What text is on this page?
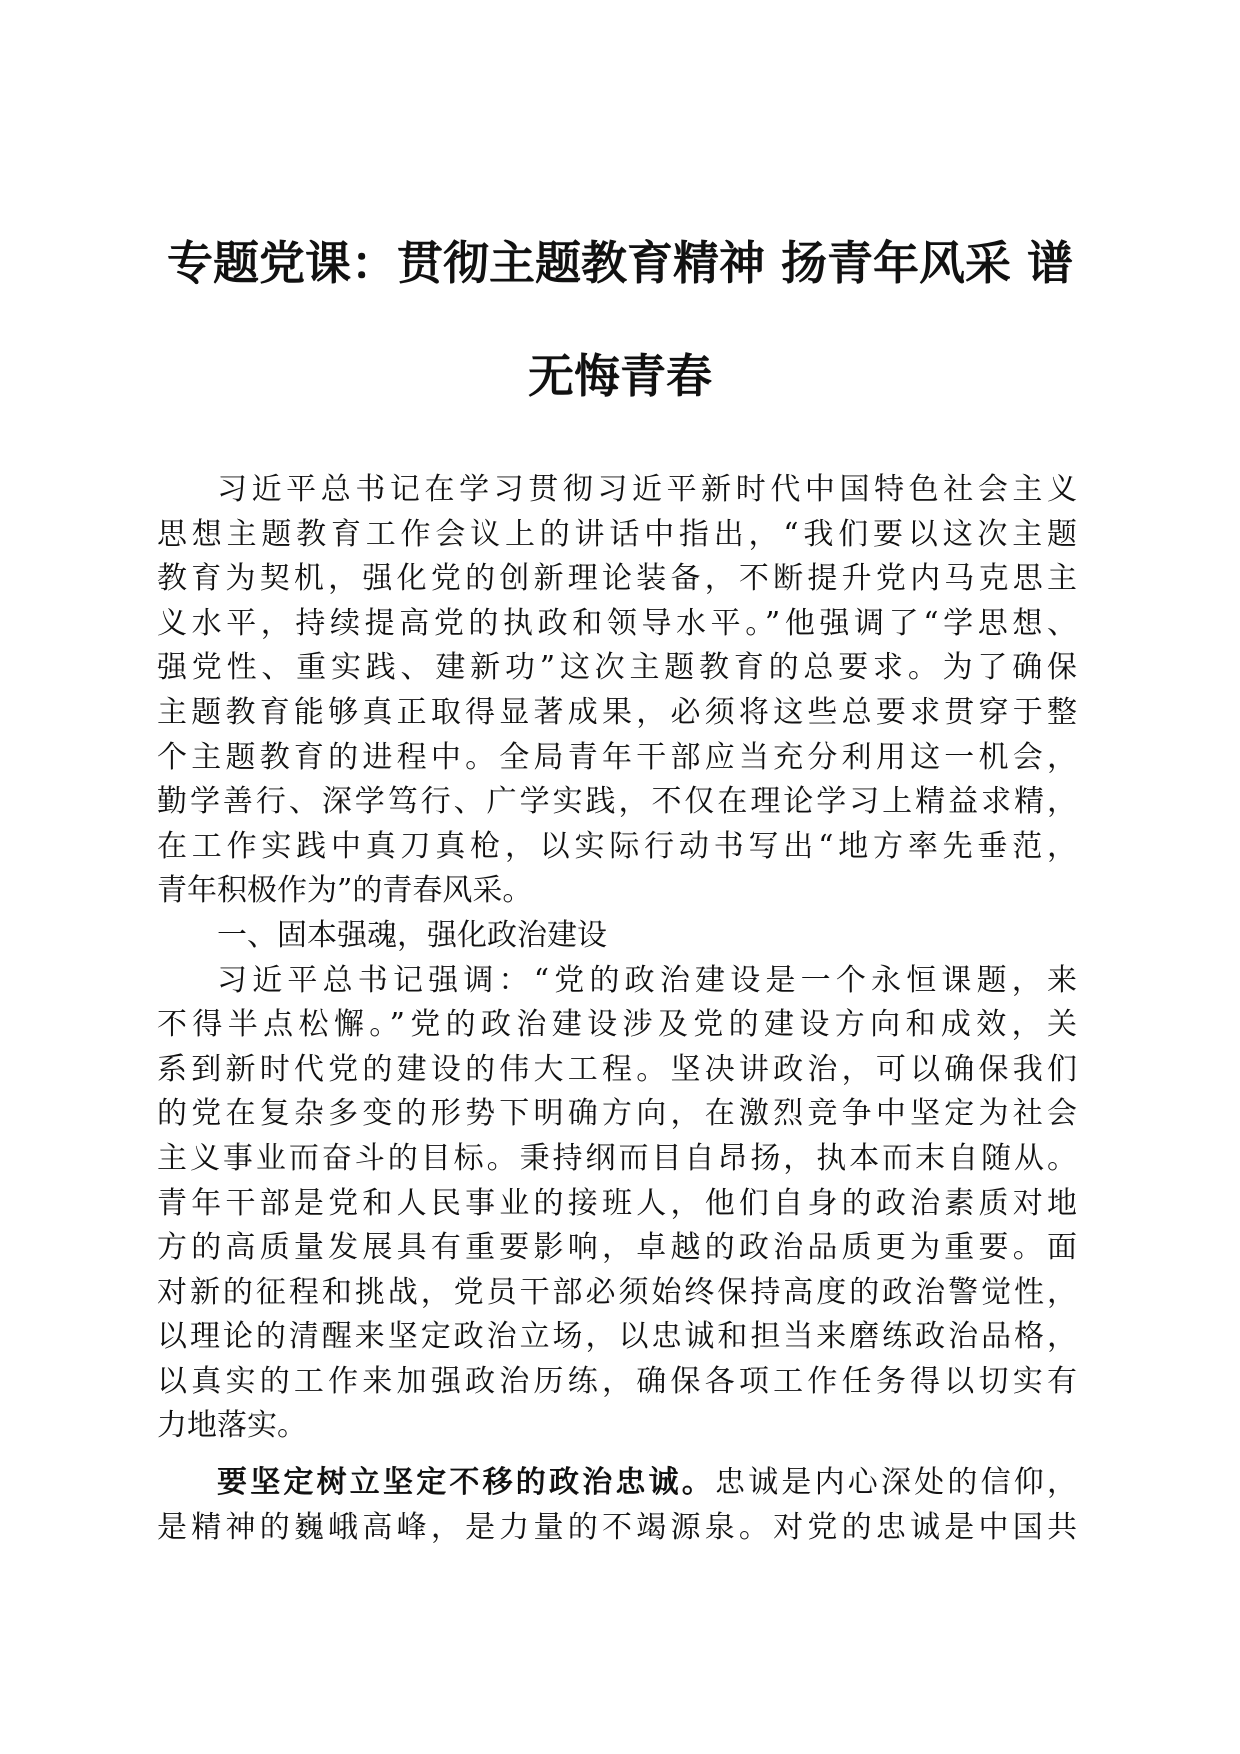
专题党课：贯彻主题教育精神 扬青年风采 谱
无悔青春
习近平总书记在学习贯彻习近平新时代中国特色社会主义
思想主题教育工作会议上的讲话中指出，“我们要以这次主题
教育为契机，强化党的创新理论装备，不断提升党内马克思主
义水平，持续提高党的执政和领导水平。”他强调了“学思想、
强党性、重实践、建新功”这次主题教育的总要求。为了确保
主题教育能够真正取得显著成果，必须将这些总要求贯穿于整
个主题教育的进程中。全局青年干部应当充分利用这一机会，
勤学善行、深学笃行、广学实践，不仅在理论学习上精益求精，
在工作实践中真刀真枪，以实际行动书写出“地方率先垂范，
青年积极作为”的青春风采。
一、固本强魂，强化政治建设
习近平总书记强调：“党的政治建设是一个永恒课题，来
不得半点松懈。”党的政治建设涉及党的建设方向和成效，关
系到新时代党的建设的伟大工程。坚决讲政治，可以确保我们
的党在复杂多变的形势下明确方向，在激烈竞争中坚定为社会
主义事业而奋斗的目标。秉持纲而目自昂扬，执本而末自随从。
青年干部是党和人民事业的接班人，他们自身的政治素质对地
方的高质量发展具有重要影响，卓越的政治品质更为重要。面
对新的征程和挑战，党员干部必须始终保持高度的政治警觉性，
以理论的清醒来坚定政治立场，以忠诚和担当来磨练政治品格，
以真实的工作来加强政治历练，确保各项工作任务得以切实有
力地落实。
要坚定树立坚定不移的政治忠诚。忠诚是内心深处的信仰，
是精神的巍峨高峰，是力量的不竭源泉。对党的忠诚是中国共
